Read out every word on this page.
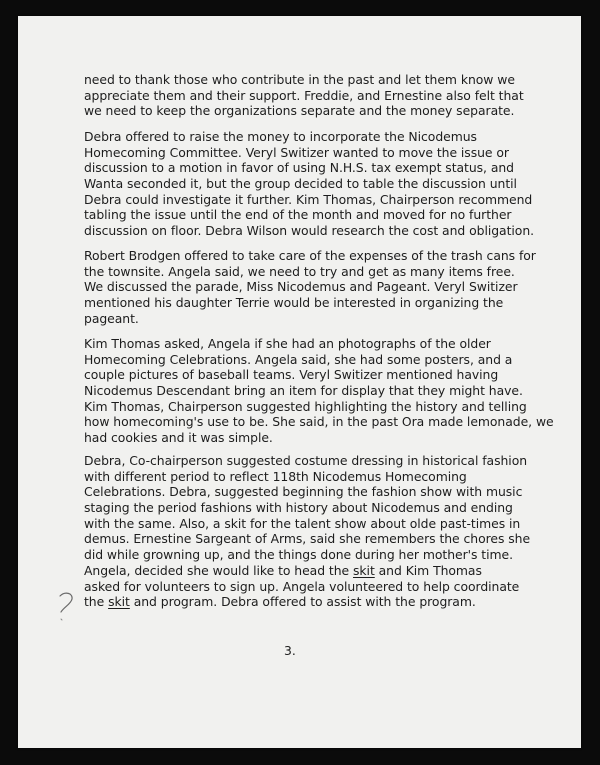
need to thank those who contribute in the past and let them know we
appreciate them and their support. Freddie, and Ernestine also felt that
we need to keep the organizations separate and the money separate.
Debra offered to raise the money to incorporate the Nicodemus
Homecoming Committee. Veryl Switizer wanted to move the issue or
discussion to a motion in favor of using N.H.S. tax exempt status, and
Wanta seconded it, but the group decided to table the discussion until
Debra could investigate it further. Kim Thomas, Chairperson recommend
tabling the issue until the end of the month and moved for no further
discussion on floor. Debra Wilson would research the cost and obligation.
Robert Brodgen offered to take care of the expenses of the trash cans for
the townsite. Angela said, we need to try and get as many items free.
We discussed the parade, Miss Nicodemus and Pageant. Veryl Switizer
mentioned his daughter Terrie would be interested in organizing the
pageant.
Kim Thomas asked, Angela if she had an photographs of the older
Homecoming Celebrations. Angela said, she had some posters, and a
couple pictures of baseball teams. Veryl Switizer mentioned having
Nicodemus Descendant bring an item for display that they might have.
Kim Thomas, Chairperson suggested highlighting the history and telling
how homecoming's use to be. She said, in the past Ora made lemonade, we
had cookies and it was simple.
Debra, Co-chairperson suggested costume dressing in historical fashion
with different period to reflect 118th Nicodemus Homecoming
Celebrations. Debra, suggested beginning the fashion show with music
staging the period fashions with history about Nicodemus and ending
with the same. Also, a skit for the talent show about olde past-times in
demus. Ernestine Sargeant of Arms, said she remembers the chores she
did while growning up, and the things done during her mother's time.
Angela, decided she would like to head the skit and Kim Thomas
asked for volunteers to sign up. Angela volunteered to help coordinate
the skit and program. Debra offered to assist with the program.
3.
